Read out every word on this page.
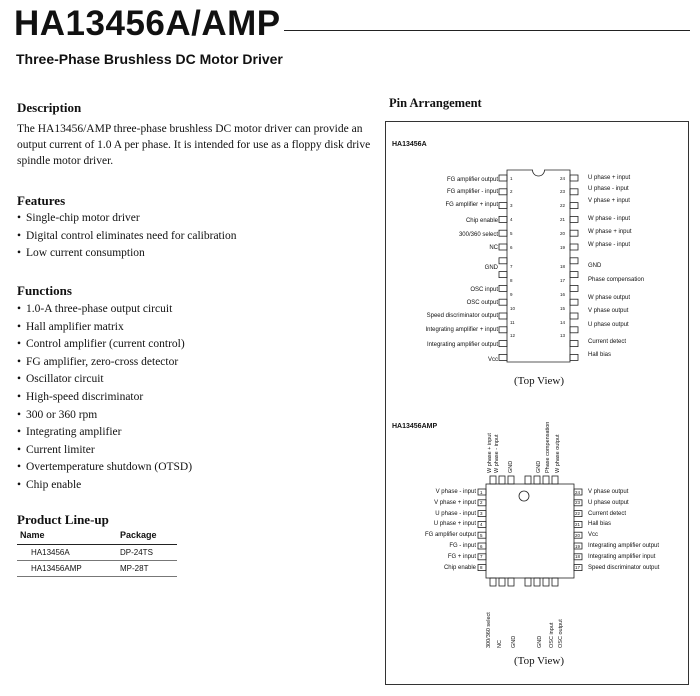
HA13456A/AMP
Three-Phase Brushless DC Motor Driver
Description
The HA13456/AMP three-phase brushless DC motor driver can provide an output current of 1.0 A per phase. It is intended for use as a floppy disk drive spindle motor driver.
Features
• Single-chip motor driver
• Digital control eliminates need for calibration
• Low current consumption
Functions
• 1.0-A three-phase output circuit
• Hall amplifier matrix
• Control amplifier (current control)
• FG amplifier, zero-cross detector
• Oscillator circuit
• High-speed discriminator
• 300 or 360 rpm
• Integrating amplifier
• Current limiter
• Overtemperature shutdown (OTSD)
• Chip enable
Product Line-up
Name	Package
HA13456A	DP-24TS
HA13456AMP	MP-28T
Pin Arrangement
HA13456A
FG amplifier output
FG amplifier - input
FG amplifier + input
Chip enable
300/360 select
NC
GND
OSC input
OSC output
Speed discriminator output
Integrating amplifier + input
Integrating amplifier output
Vcc
1
2
3
4
5
6
7
8
9
10
11
12
U phase + input
U phase - input
V phase + input
W phase - input
W phase + input
W phase - input
GND
Phase compensation
W phase output
V phase output
U phase output
Current detect
Hall bias
24
23
22
21
20
19
18
17
16
15
14
13
(Top View)
HA13456AMP
V phase - input 1
V phase + input 2
U phase - input 3
U phase + input 4
FG amplifier output 5
FG - input 6
FG + input 7
Chip enable 8
V phase output
24
U phase output
23
Current detect
22
Hall bias
21
Vcc
20
Integrating amplifier output
19
Integrating amplifier input
18
Speed discriminator output
17
W phase + input W phase - input GND	GND Phase compensation W phase output
300/360 select NC GND	GND OSC input OSC output
(Top View)
